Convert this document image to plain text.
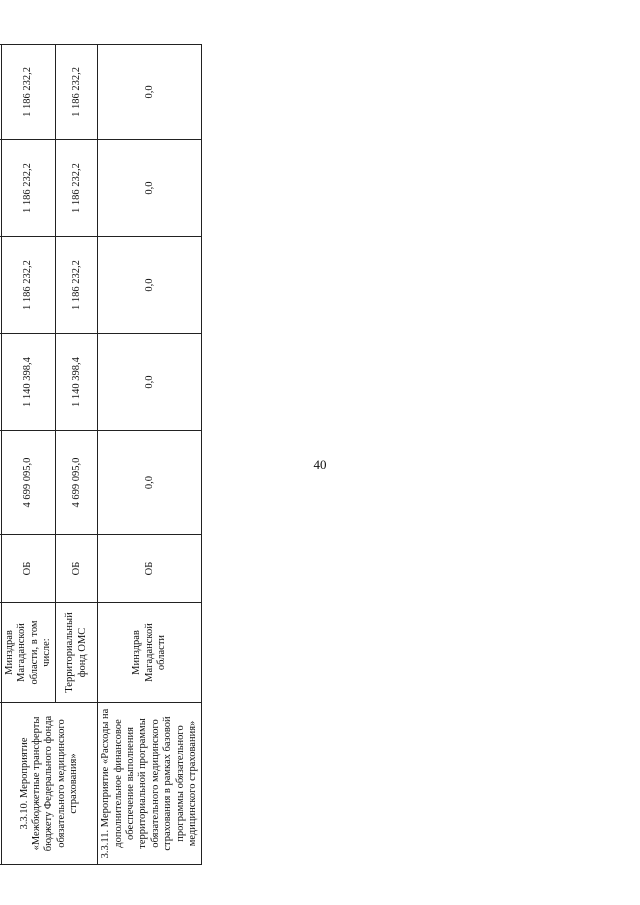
40

3.3.10. Мероприятие «Межбюджетные трансферты бюджету Федерального фонда обязательного медицинского страхования»	Минздрав Магаданской области, в том числе:	ОБ	4 699 095,0	1 140 398,4	1 186 232,2	1 186 232,2	1 186 232,2
	Территориальный фонд ОМС	ОБ	4 699 095,0	1 140 398,4	1 186 232,2	1 186 232,2	1 186 232,2
3.3.11. Мероприятие «Расходы на дополнительное финансовое обеспечение выполнения территориальной программы обязательного медицинского страхования в рамках базовой программы обязательного медицинского страхования»	Минздрав Магаданской области	ОБ	0,0	0,0	0,0	0,0	0,0
